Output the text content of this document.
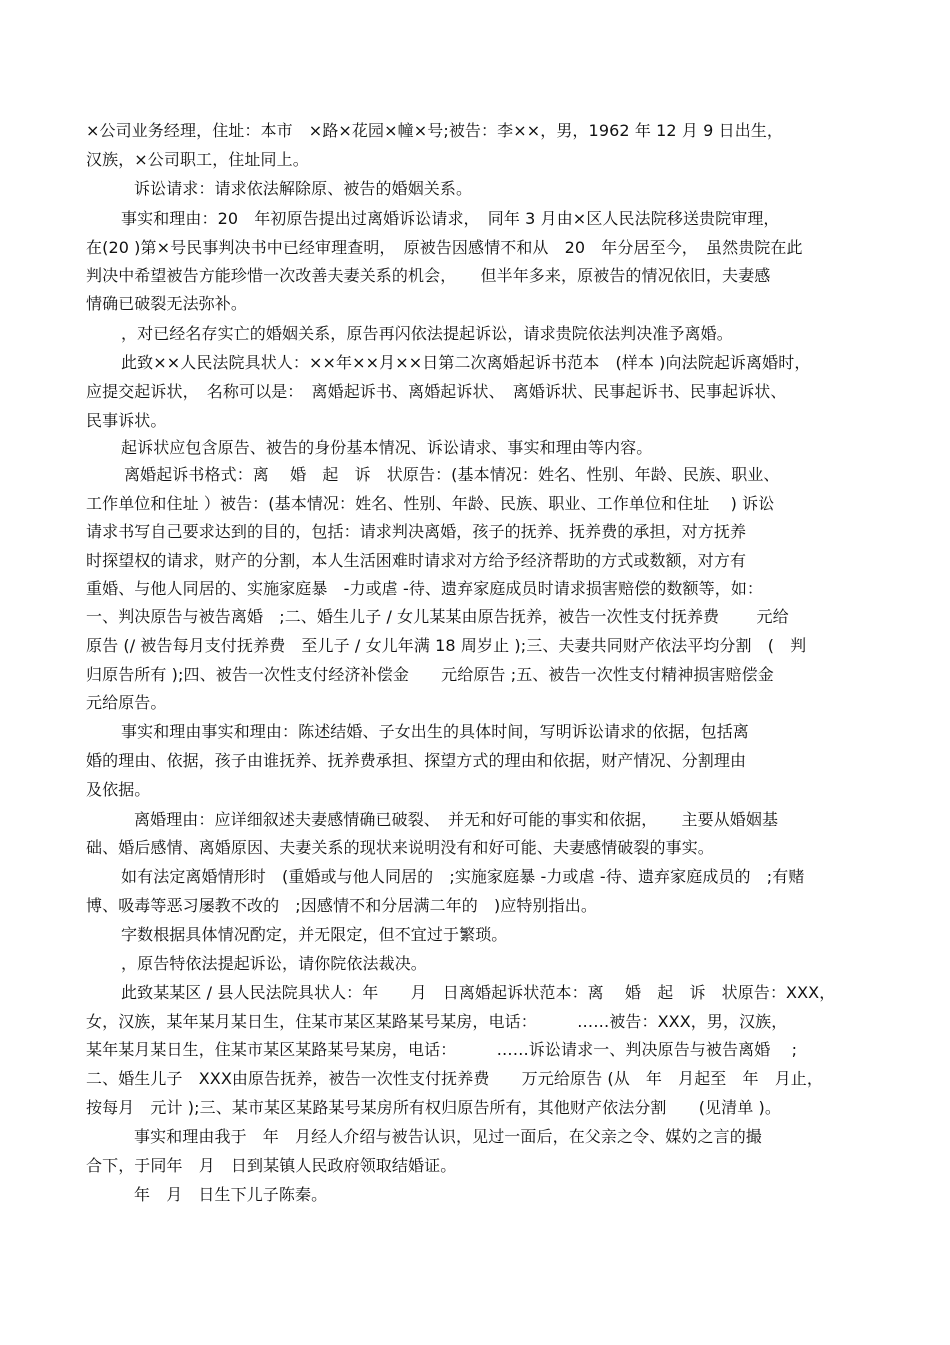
×公司业务经理，住址：本市　×路×花园×幢×号;被告：李××，男，1962 年 12 月 9 日出生，
汉族，×公司职工，住址同上。
诉讼请求：请求依法解除原、被告的婚姻关系。
事实和理由：20　年初原告提出过离婚诉讼请求，　同年 3 月由×区人民法院移送贵院审理，
在(20 )第×号民事判决书中已经审理查明，　原被告因感情不和从　20　年分居至今，　虽然贵院在此
判决中希望被告方能珍惜一次改善夫妻关系的机会，　　但半年多来，原被告的情况依旧，夫妻感
情确已破裂无法弥补。
，对已经名存实亡的婚姻关系，原告再闪依法提起诉讼，请求贵院依法判决准予离婚。
此致××人民法院具状人：××年××月××日第二次离婚起诉书范本　(样本 )向法院起诉离婚时，
应提交起诉状，　名称可以是：　离婚起诉书、离婚起诉状、　离婚诉状、民事起诉书、民事起诉状、
民事诉状。
起诉状应包含原告、被告的身份基本情况、诉讼请求、事实和理由等内容。
离婚起诉书格式：离　 婚　起　诉　状原告：(基本情况：姓名、性别、年龄、民族、职业、
工作单位和住址 ）被告：(基本情况：姓名、性别、年龄、民族、职业、工作单位和住址　 ) 诉讼
请求书写自己要求达到的目的，包括：请求判决离婚，孩子的抚养、抚养费的承担，对方抚养
时探望权的请求，财产的分割，本人生活困难时请求对方给予经济帮助的方式或数额，对方有
重婚、与他人同居的、实施家庭暴　-力或虐 -待、遗弃家庭成员时请求损害赔偿的数额等，如：
一、判决原告与被告离婚　;二、婚生儿子 / 女儿某某由原告抚养，被告一次性支付抚养费　　 元给
原告 (/ 被告每月支付抚养费　至儿子 / 女儿年满 18 周岁止 );三、夫妻共同财产依法平均分割　(　判
归原告所有 );四、被告一次性支付经济补偿金　　元给原告 ;五、被告一次性支付精神损害赔偿金
元给原告。
事实和理由事实和理由：陈述结婚、子女出生的具体时间，写明诉讼请求的依据，包括离
婚的理由、依据，孩子由谁抚养、抚养费承担、探望方式的理由和依据，财产情况、分割理由
及依据。
离婚理由：应详细叙述夫妻感情确已破裂、　并无和好可能的事实和依据，　　主要从婚姻基
础、婚后感情、离婚原因、夫妻关系的现状来说明没有和好可能、夫妻感情破裂的事实。
如有法定离婚情形时　(重婚或与他人同居的　;实施家庭暴 -力或虐 -待、遗弃家庭成员的　;有赌
博、吸毒等恶习屡教不改的　;因感情不和分居满二年的　)应特别指出。
字数根据具体情况酌定，并无限定，但不宜过于繁琐。
，原告特依法提起诉讼，请你院依法裁决。
此致某某区 / 县人民法院具状人：年　　月　日离婚起诉状范本：离　 婚　起　诉　状原告：XXX，
女，汉族，某年某月某日生，住某市某区某路某号某房，电话：　　　……被告：XXX，男，汉族，
某年某月某日生，住某市某区某路某号某房，电话：　　　……诉讼请求一、判决原告与被告离婚　 ;
二、婚生儿子　XXX由原告抚养，被告一次性支付抚养费　　万元给原告 (从　年　月起至　年　月止，
按每月　元计 );三、某市某区某路某号某房所有权归原告所有，其他财产依法分割　　(见清单 )。
事实和理由我于　年　月经人介绍与被告认识，见过一面后，在父亲之令、媒妁之言的撮
合下，于同年　月　日到某镇人民政府领取结婚证。
年　月　日生下儿子陈秦。
